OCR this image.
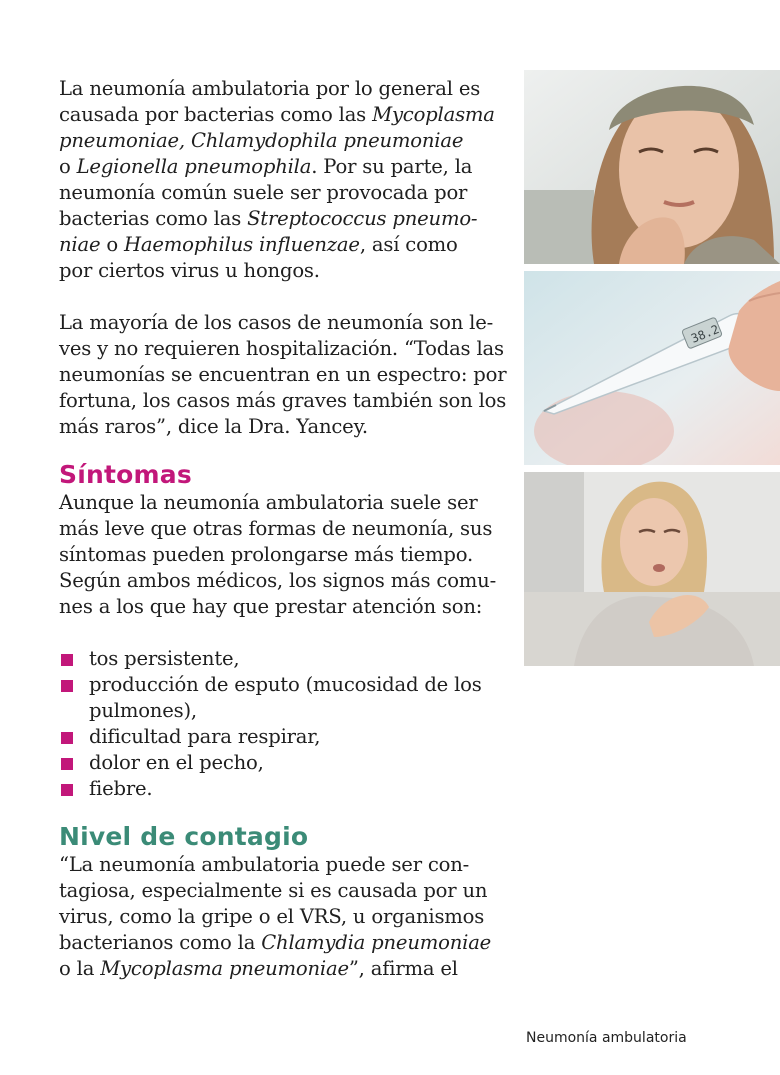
La neumonía ambulatoria por lo general es
causada por bacterias como las Mycoplasma
pneumoniae, Chlamydophila pneumoniae
o Legionella pneumophila. Por su parte, la
neumonía común suele ser provocada por
bacterias como las Streptococcus pneumo-
niae o Haemophilus influenzae, así como
por ciertos virus u hongos.
La mayoría de los casos de neumonía son le-
ves y no requieren hospitalización. “Todas las
neumonías se encuentran en un espectro: por
fortuna, los casos más graves también son los
más raros”, dice la Dra. Yancey.
Síntomas
Aunque la neumonía ambulatoria suele ser
más leve que otras formas de neumonía, sus
síntomas pueden prolongarse más tiempo.
Según ambos médicos, los signos más comu-
nes a los que hay que prestar atención son:
tos persistente,
producción de esputo (mucosidad de los
pulmones),
dificultad para respirar,
dolor en el pecho,
fiebre.
Nivel de contagio
“La neumonía ambulatoria puede ser con-
tagiosa, especialmente si es causada por un
virus, como la gripe o el VRS, u organismos
bacterianos como la Chlamydia pneumoniae
o la Mycoplasma pneumoniae”, afirma el
38.2
Neumonía ambulatoria
